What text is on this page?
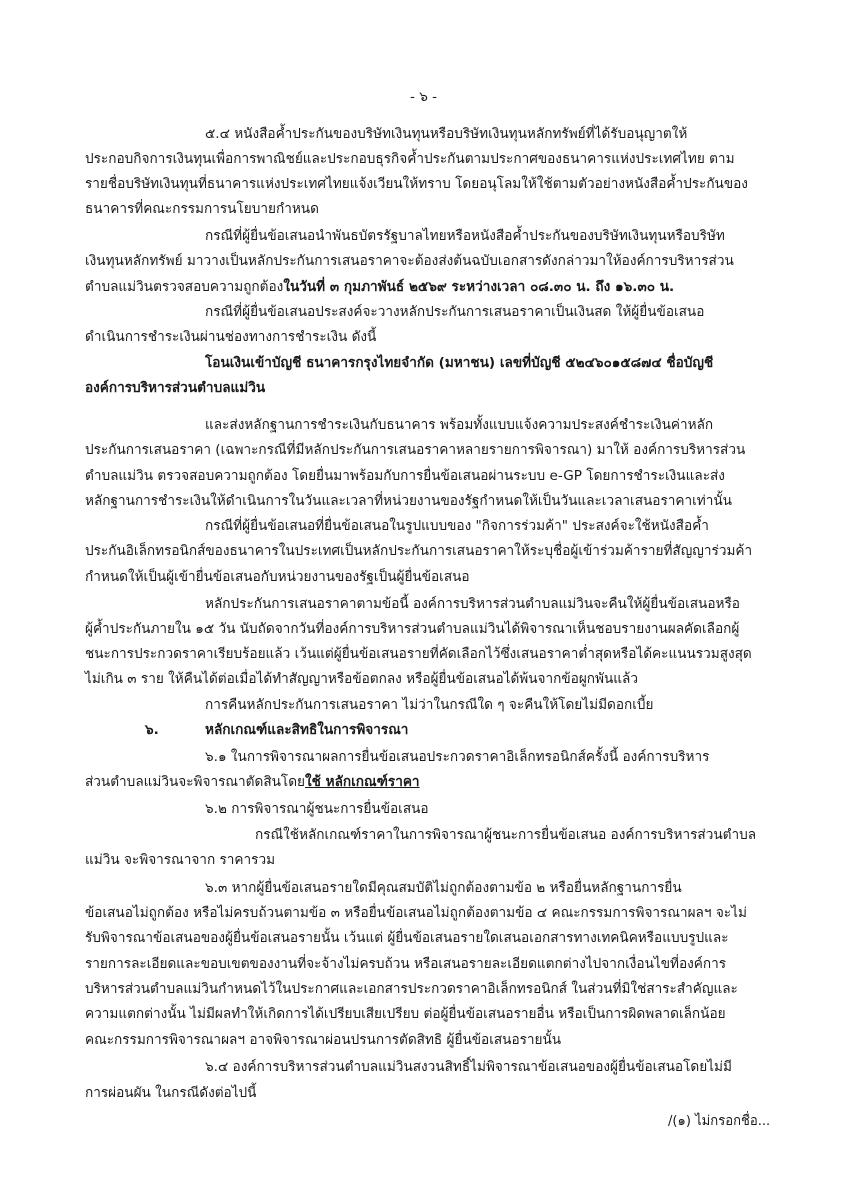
- ๖ -
๕.๔ หนังสือค้ำประกันของบริษัทเงินทุนหรือบริษัทเงินทุนหลักทรัพย์ที่ได้รับอนุญาตให้
ประกอบกิจการเงินทุนเพื่อการพาณิชย์และประกอบธุรกิจค้ำประกันตามประกาศของธนาคารแห่งประเทศไทย ตาม
รายชื่อบริษัทเงินทุนที่ธนาคารแห่งประเทศไทยแจ้งเวียนให้ทราบ โดยอนุโลมให้ใช้ตามตัวอย่างหนังสือค้ำประกันของ
ธนาคารที่คณะกรรมการนโยบายกำหนด
กรณีที่ผู้ยื่นข้อเสนอนำพันธบัตรรัฐบาลไทยหรือหนังสือค้ำประกันของบริษัทเงินทุนหรือบริษัท
เงินทุนหลักทรัพย์ มาวางเป็นหลักประกันการเสนอราคาจะต้องส่งต้นฉบับเอกสารดังกล่าวมาให้องค์การบริหารส่วน
ตำบลแม่วินตรวจสอบความถูกต้องในวันที่ ๓ กุมภาพันธ์ ๒๕๖๙ ระหว่างเวลา ๐๘.๓๐ น. ถึง ๑๖.๓๐ น.
กรณีที่ผู้ยื่นข้อเสนอประสงค์จะวางหลักประกันการเสนอราคาเป็นเงินสด ให้ผู้ยื่นข้อเสนอ
ดำเนินการชำระเงินผ่านช่องทางการชำระเงิน ดังนี้
โอนเงินเข้าบัญชี ธนาคารกรุงไทยจำกัด (มหาชน) เลขที่บัญชี ๕๒๔๖๐๑๕๘๗๔ ชื่อบัญชี
องค์การบริหารส่วนตำบลแม่วิน
และส่งหลักฐานการชำระเงินกับธนาคาร พร้อมทั้งแบบแจ้งความประสงค์ชำระเงินค่าหลัก
ประกันการเสนอราคา (เฉพาะกรณีที่มีหลักประกันการเสนอราคาหลายรายการพิจารณา) มาให้ องค์การบริหารส่วน
ตำบลแม่วิน ตรวจสอบความถูกต้อง โดยยื่นมาพร้อมกับการยื่นข้อเสนอผ่านระบบ e-GP โดยการชำระเงินและส่ง
หลักฐานการชำระเงินให้ดำเนินการในวันและเวลาที่หน่วยงานของรัฐกำหนดให้เป็นวันและเวลาเสนอราคาเท่านั้น
กรณีที่ผู้ยื่นข้อเสนอที่ยื่นข้อเสนอในรูปแบบของ "กิจการร่วมค้า" ประสงค์จะใช้หนังสือค้ำ
ประกันอิเล็กทรอนิกส์ของธนาคารในประเทศเป็นหลักประกันการเสนอราคาให้ระบุชื่อผู้เข้าร่วมค้ารายที่สัญญาร่วมค้า
กำหนดให้เป็นผู้เข้ายื่นข้อเสนอกับหน่วยงานของรัฐเป็นผู้ยื่นข้อเสนอ
หลักประกันการเสนอราคาตามข้อนี้ องค์การบริหารส่วนตำบลแม่วินจะคืนให้ผู้ยื่นข้อเสนอหรือ
ผู้ค้ำประกันภายใน ๑๕ วัน นับถัดจากวันที่องค์การบริหารส่วนตำบลแม่วินได้พิจารณาเห็นชอบรายงานผลคัดเลือกผู้
ชนะการประกวดราคาเรียบร้อยแล้ว เว้นแต่ผู้ยื่นข้อเสนอรายที่คัดเลือกไว้ซึ่งเสนอราคาต่ำสุดหรือได้คะแนนรวมสูงสุด
ไม่เกิน ๓ ราย ให้คืนได้ต่อเมื่อได้ทำสัญญาหรือข้อตกลง หรือผู้ยื่นข้อเสนอได้พ้นจากข้อผูกพันแล้ว
การคืนหลักประกันการเสนอราคา ไม่ว่าในกรณีใด ๆ จะคืนให้โดยไม่มีดอกเบี้ย
๖.	หลักเกณฑ์และสิทธิในการพิจารณา
๖.๑ ในการพิจารณาผลการยื่นข้อเสนอประกวดราคาอิเล็กทรอนิกส์ครั้งนี้ องค์การบริหาร
ส่วนตำบลแม่วินจะพิจารณาตัดสินโดยใช้ หลักเกณฑ์ราคา
๖.๒ การพิจารณาผู้ชนะการยื่นข้อเสนอ
กรณีใช้หลักเกณฑ์ราคาในการพิจารณาผู้ชนะการยื่นข้อเสนอ องค์การบริหารส่วนตำบล
แม่วิน จะพิจารณาจาก ราคารวม
๖.๓ หากผู้ยื่นข้อเสนอรายใดมีคุณสมบัติไม่ถูกต้องตามข้อ ๒ หรือยื่นหลักฐานการยื่น
ข้อเสนอไม่ถูกต้อง หรือไม่ครบถ้วนตามข้อ ๓ หรือยื่นข้อเสนอไม่ถูกต้องตามข้อ ๔ คณะกรรมการพิจารณาผลฯ จะไม่
รับพิจารณาข้อเสนอของผู้ยื่นข้อเสนอรายนั้น เว้นแต่ ผู้ยื่นข้อเสนอรายใดเสนอเอกสารทางเทคนิคหรือแบบรูปและ
รายการละเอียดและขอบเขตของงานที่จะจ้างไม่ครบถ้วน หรือเสนอรายละเอียดแตกต่างไปจากเงื่อนไขที่องค์การ
บริหารส่วนตำบลแม่วินกำหนดไว้ในประกาศและเอกสารประกวดราคาอิเล็กทรอนิกส์ ในส่วนที่มิใช่สาระสำคัญและ
ความแตกต่างนั้น ไม่มีผลทำให้เกิดการได้เปรียบเสียเปรียบ ต่อผู้ยื่นข้อเสนอรายอื่น หรือเป็นการผิดพลาดเล็กน้อย
คณะกรรมการพิจารณาผลฯ อาจพิจารณาผ่อนปรนการตัดสิทธิ ผู้ยื่นข้อเสนอรายนั้น
๖.๔ องค์การบริหารส่วนตำบลแม่วินสงวนสิทธิ์ไม่พิจารณาข้อเสนอของผู้ยื่นข้อเสนอโดยไม่มี
การผ่อนผัน ในกรณีดังต่อไปนี้
/(๑) ไม่กรอกชื่อ...
